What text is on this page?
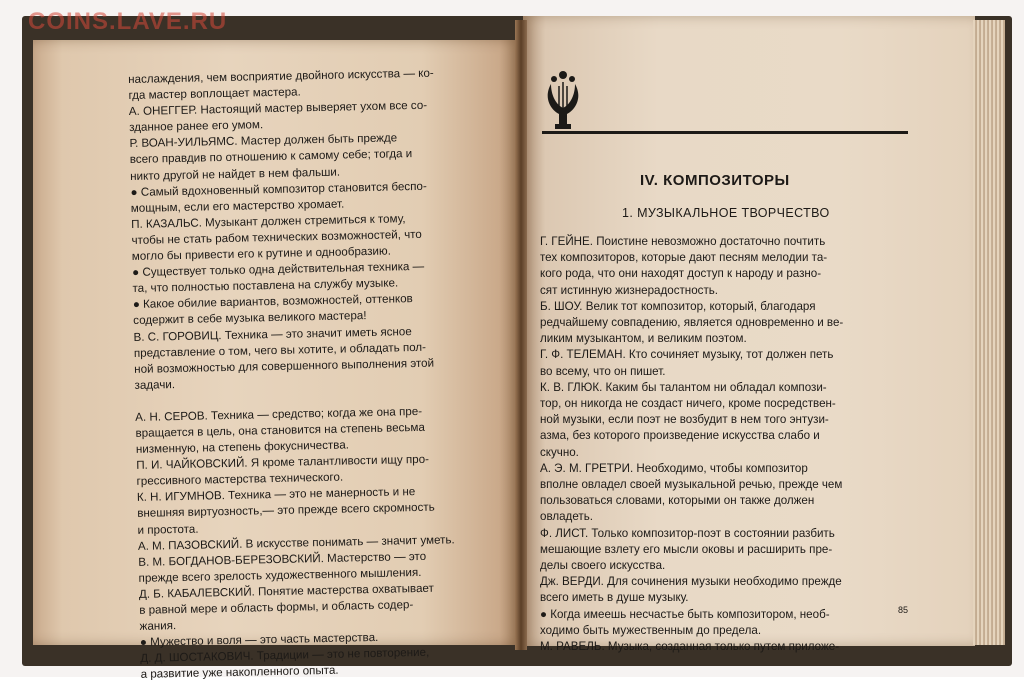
COINS.LAVE.RU
наслаждения, чем восприятие двойного искусства — ко-
гда мастер воплощает мастера.
А. ОНЕГГЕР. Настоящий мастер выверяет ухом все со-
зданное ранее его умом.
Р. ВОАН-УИЛЬЯМС. Мастер должен быть прежде
всего правдив по отношению к самому себе; тогда и
никто другой не найдет в нем фальши.
● Самый вдохновенный композитор становится беспо-
мощным, если его мастерство хромает.
П. КАЗАЛЬС. Музыкант должен стремиться к тому,
чтобы не стать рабом технических возможностей, что
могло бы привести его к рутине и однообразию.
● Существует только одна действительная техника —
та, что полностью поставлена на службу музыке.
● Какое обилие вариантов, возможностей, оттенков
содержит в себе музыка великого мастера!
В. С. ГОРОВИЦ. Техника — это значит иметь ясное
представление о том, чего вы хотите, и обладать пол-
ной возможностью для совершенного выполнения этой
задачи.
А. Н. СЕРОВ. Техника — средство; когда же она пре-
вращается в цель, она становится на степень весьма
низменную, на степень фокусничества.
П. И. ЧАЙКОВСКИЙ. Я кроме талантливости ищу про-
грессивного мастерства технического.
К. Н. ИГУМНОВ. Техника — это не манерность и не
внешняя виртуозность,— это прежде всего скромность
и простота.
А. М. ПАЗОВСКИЙ. В искусстве понимать — значит уметь.
В. М. БОГДАНОВ-БЕРЕЗОВСКИЙ. Мастерство — это
прежде всего зрелость художественного мышления.
Д. Б. КАБАЛЕВСКИЙ. Понятие мастерства охватывает
в равной мере и область формы, и область содер-
жания.
● Мужество и воля — это часть мастерства.
Д. Д. ШОСТАКОВИЧ. Традиции — это не повторение,
а развитие уже накопленного опыта.
IV. КОМПОЗИТОРЫ
1. МУЗЫКАЛЬНОЕ ТВОРЧЕСТВО
Г. ГЕЙНЕ. Поистине невозможно достаточно почтить
тех композиторов, которые дают песням мелодии та-
кого рода, что они находят доступ к народу и разно-
сят истинную жизнерадостность.
Б. ШОУ. Велик тот композитор, который, благодаря
редчайшему совпадению, является одновременно и ве-
ликим музыкантом, и великим поэтом.
Г. Ф. ТЕЛЕМАН. Кто сочиняет музыку, тот должен петь
во всему, что он пишет.
К. В. ГЛЮК. Каким бы талантом ни обладал компози-
тор, он никогда не создаст ничего, кроме посредствен-
ной музыки, если поэт не возбудит в нем того энтузи-
азма, без которого произведение искусства слабо и
скучно.
А. Э. М. ГРЕТРИ. Необходимо, чтобы композитор
вполне овладел своей музыкальной речью, прежде чем
пользоваться словами, которыми он также должен
овладеть.
Ф. ЛИСТ. Только композитор-поэт в состоянии разбить
мешающие взлету его мысли оковы и расширить пре-
делы своего искусства.
Дж. ВЕРДИ. Для сочинения музыки необходимо прежде
всего иметь в душе музыку.
● Когда имеешь несчастье быть композитором, необ-
ходимо быть мужественным до предела.
М. РАВЕЛЬ. Музыка, созданная только путем приложе-
85
